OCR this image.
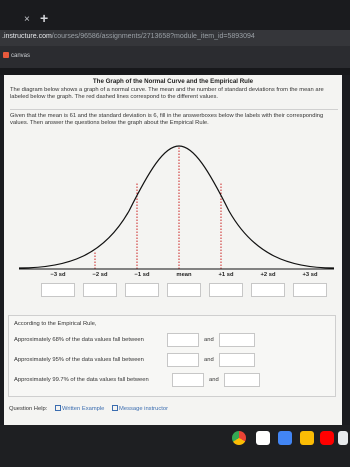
× +
.instructure.com/courses/96586/assignments/2713658?module_item_id=5893094
canvas
The Graph of the Normal Curve and the Empirical Rule
The diagram below shows a graph of a normal curve. The mean and the number of standard deviations from the mean are labeled below the graph. The red dashed lines correspond to the different values.
Given that the mean is 61 and the standard deviation is 6, fill in the answerboxes below the labels with their corresponding values. Then answer the questions below the graph about the Empirical Rule.
−3 sd	−2 sd	−1 sd	mean	+1 sd	+2 sd	+3 sd
According to the Empirical Rule,
Approximately 68% of the data values fall between	and
Approximately 95% of the data values fall between	and
Approximately 99.7% of the data values fall between	and
Question Help:	Written Example	Message instructor
